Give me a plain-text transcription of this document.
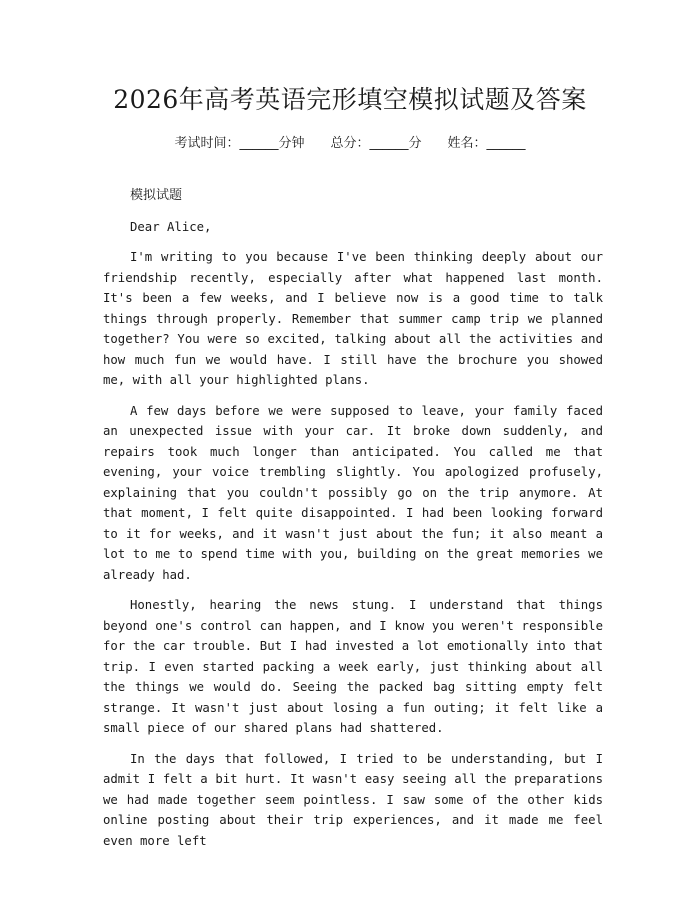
2026年高考英语完形填空模拟试题及答案
考试时间：______分钟 总分：______分 姓名：______

模拟试题

Dear Alice,

I'm writing to you because I've been thinking deeply about our friendship recently, especially after what happened last month. It's been a few weeks, and I believe now is a good time to talk things through properly. Remember that summer camp trip we planned together? You were so excited, talking about all the activities and how much fun we would have. I still have the brochure you showed me, with all your highlighted plans.

A few days before we were supposed to leave, your family faced an unexpected issue with your car. It broke down suddenly, and repairs took much longer than anticipated. You called me that evening, your voice trembling slightly. You apologized profusely, explaining that you couldn't possibly go on the trip anymore. At that moment, I felt quite disappointed. I had been looking forward to it for weeks, and it wasn't just about the fun; it also meant a lot to me to spend time with you, building on the great memories we already had.

Honestly, hearing the news stung. I understand that things beyond one's control can happen, and I know you weren't responsible for the car trouble. But I had invested a lot emotionally into that trip. I even started packing a week early, just thinking about all the things we would do. Seeing the packed bag sitting empty felt strange. It wasn't just about losing a fun outing; it felt like a small piece of our shared plans had shattered.

In the days that followed, I tried to be understanding, but I admit I felt a bit hurt. It wasn't easy seeing all the preparations we had made together seem pointless. I saw some of the other kids online posting about their trip experiences, and it made me feel even more left
